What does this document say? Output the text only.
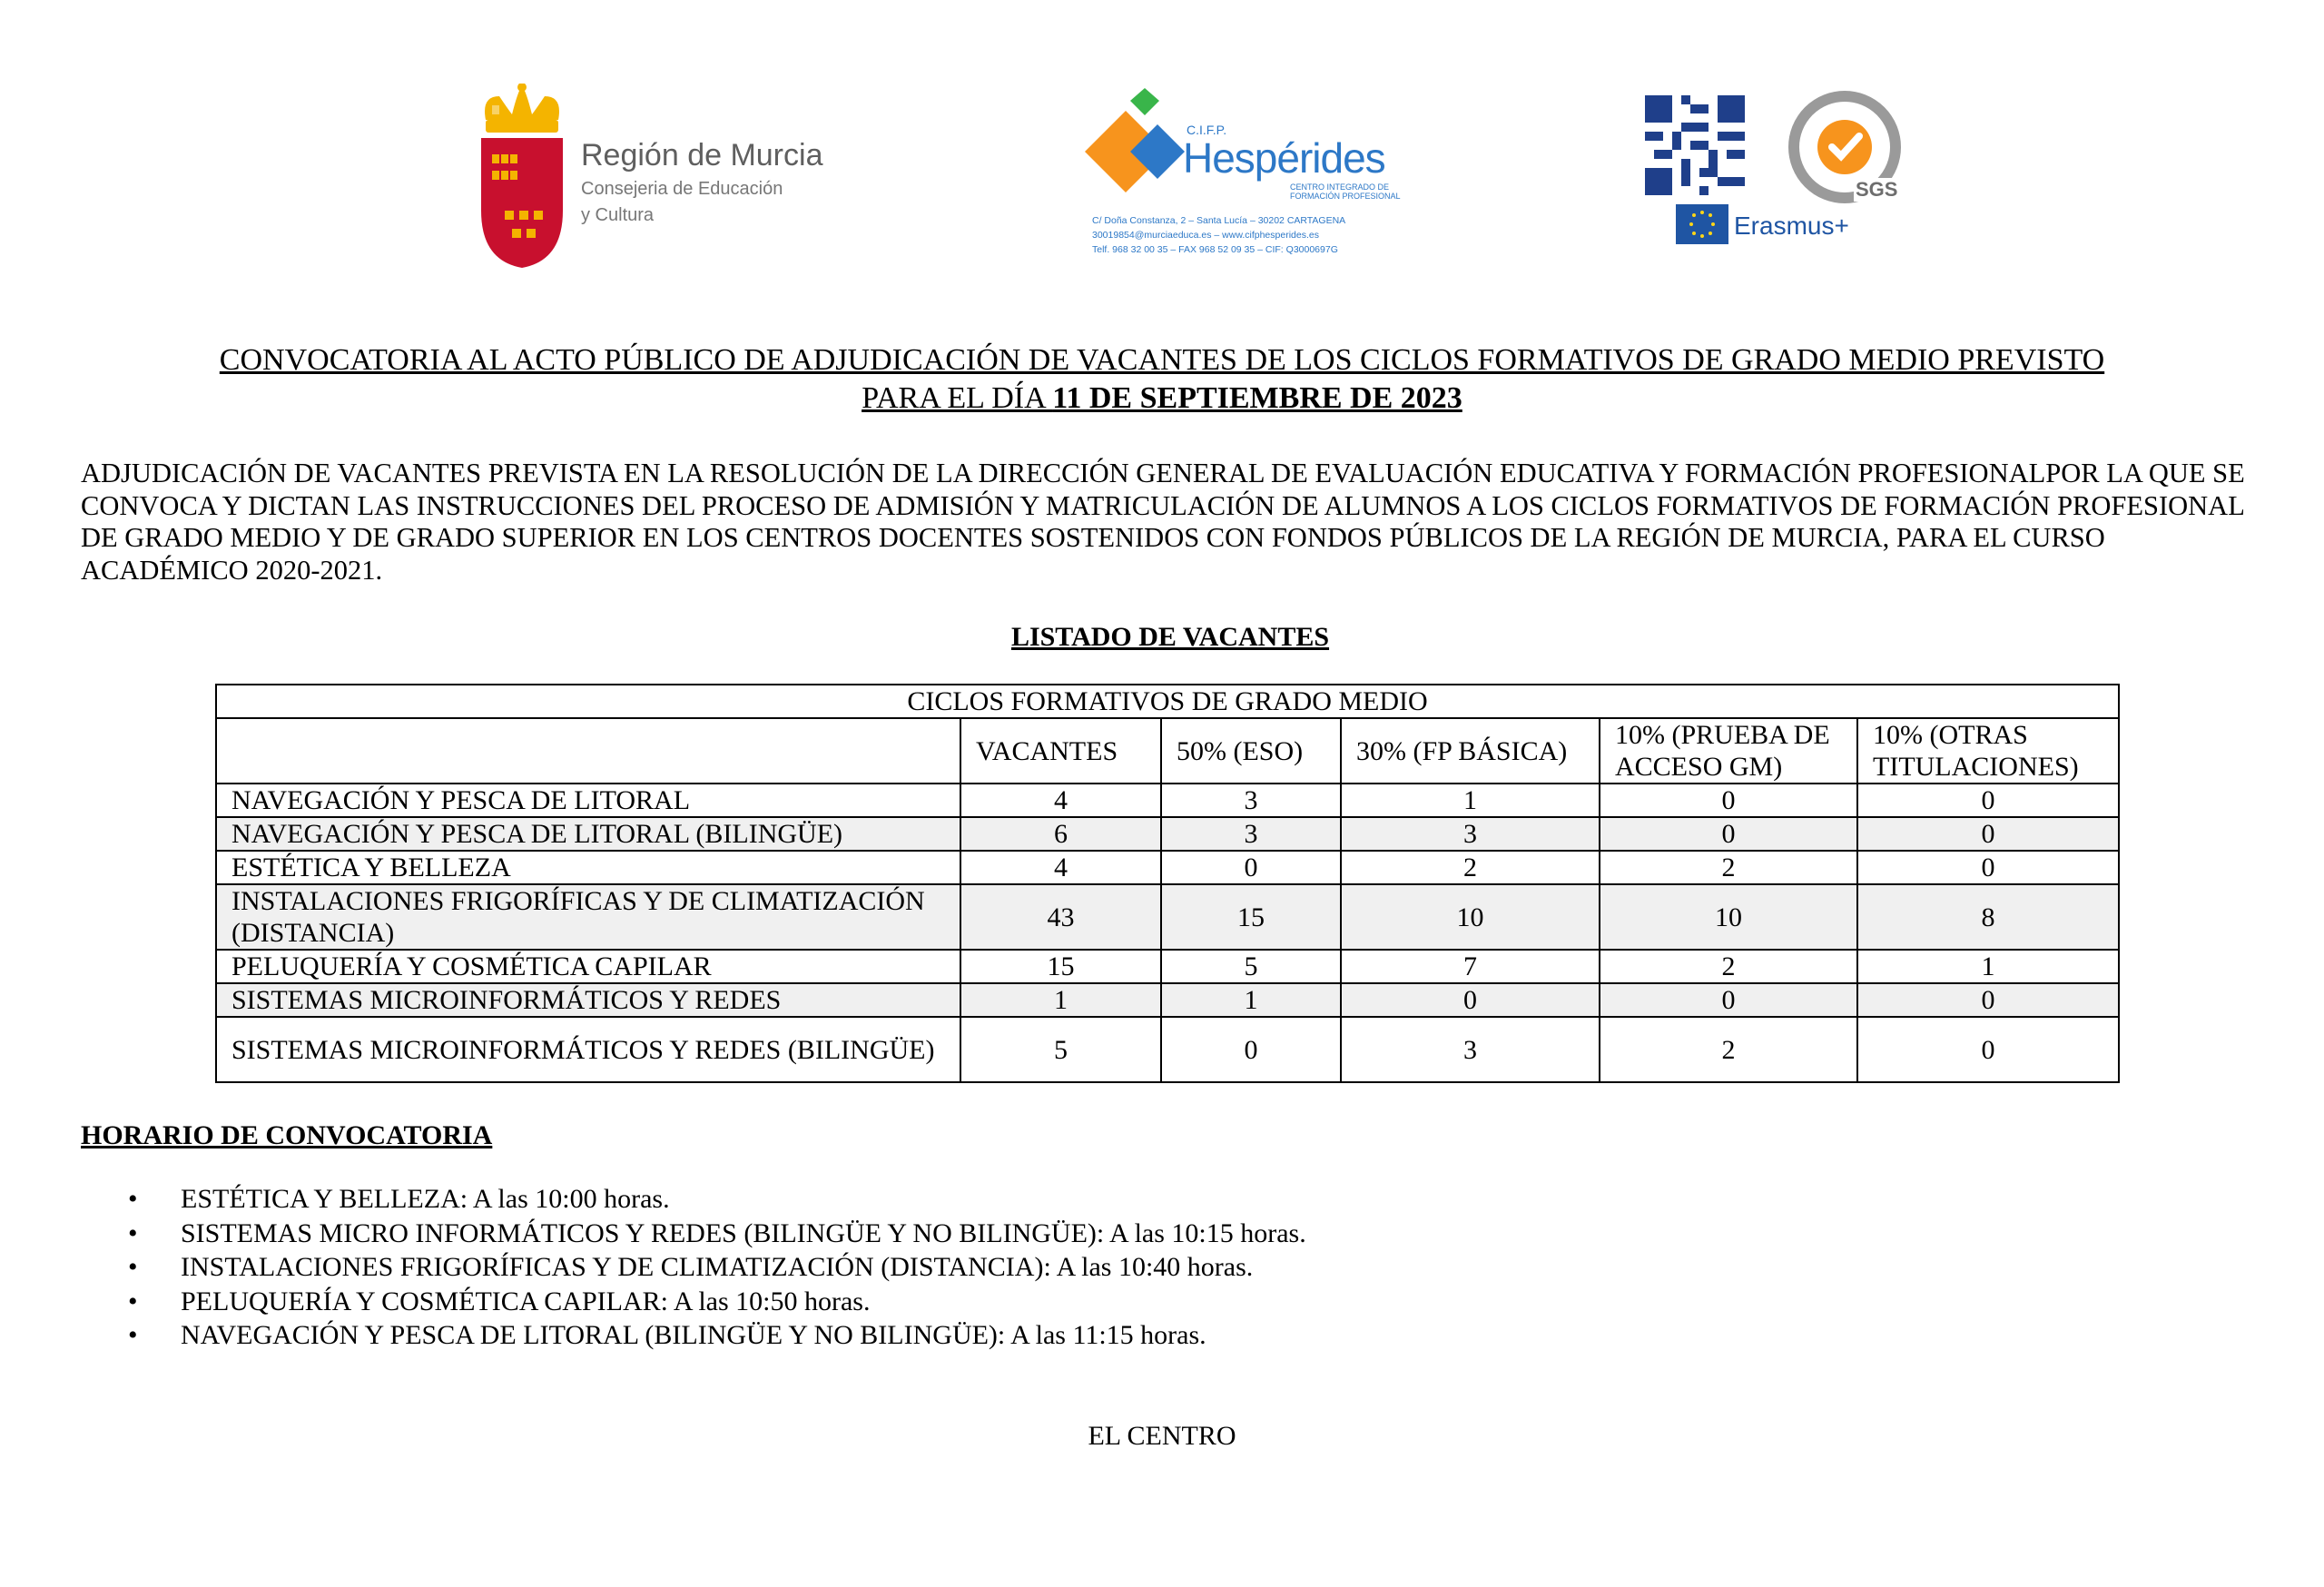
Región de Murcia
Consejeria de Educación
y Cultura
C.I.F.P.
Hespérides
CENTRO INTEGRADO DE
FORMACIÓN PROFESIONAL
C/ Doña Constanza, 2 – Santa Lucía – 30202 CARTAGENA
30019854@murciaeduca.es – www.cifphesperides.es
Telf. 968 32 00 35 – FAX 968 52 09 35 – CIF: Q3000697G
SGS
Erasmus+
CONVOCATORIA AL ACTO PÚBLICO DE ADJUDICACIÓN DE VACANTES DE LOS CICLOS FORMATIVOS DE GRADO MEDIO PREVISTO
PARA EL DÍA 11 DE SEPTIEMBRE DE 2023
ADJUDICACIÓN DE VACANTES PREVISTA EN LA RESOLUCIÓN DE LA DIRECCIÓN GENERAL DE EVALUACIÓN EDUCATIVA Y FORMACIÓN PROFESIONALPOR LA QUE SE CONVOCA Y DICTAN LAS INSTRUCCIONES DEL PROCESO DE ADMISIÓN Y MATRICULACIÓN DE ALUMNOS A LOS CICLOS FORMATIVOS DE FORMACIÓN PROFESIONAL DE GRADO MEDIO Y DE GRADO SUPERIOR EN LOS CENTROS DOCENTES SOSTENIDOS CON FONDOS PÚBLICOS DE LA REGIÓN DE MURCIA, PARA EL CURSO ACADÉMICO 2020-2021.
LISTADO DE VACANTES
CICLOS FORMATIVOS DE GRADO MEDIO					
	VACANTES	50% (ESO)	30% (FP BÁSICA)	10% (PRUEBA DE ACCESO GM)	10% (OTRAS TITULACIONES)
NAVEGACIÓN Y PESCA DE LITORAL	4	3	1	0	0
NAVEGACIÓN Y PESCA DE LITORAL (BILINGÜE)	6	3	3	0	0
ESTÉTICA Y BELLEZA	4	0	2	2	0
INSTALACIONES FRIGORÍFICAS Y DE CLIMATIZACIÓN (DISTANCIA)	43	15	10	10	8
PELUQUERÍA Y COSMÉTICA CAPILAR	15	5	7	2	1
SISTEMAS MICROINFORMÁTICOS Y REDES	1	1	0	0	0
SISTEMAS MICROINFORMÁTICOS Y REDES (BILINGÜE)	5	0	3	2	0
HORARIO DE CONVOCATORIA
• ESTÉTICA Y BELLEZA: A las 10:00 horas.
• SISTEMAS MICRO INFORMÁTICOS Y REDES (BILINGÜE Y NO BILINGÜE): A las 10:15 horas.
• INSTALACIONES FRIGORÍFICAS Y DE CLIMATIZACIÓN (DISTANCIA): A las 10:40 horas.
• PELUQUERÍA Y COSMÉTICA CAPILAR: A las 10:50 horas.
• NAVEGACIÓN Y PESCA DE LITORAL (BILINGÜE Y NO BILINGÜE): A las 11:15 horas.
EL CENTRO
